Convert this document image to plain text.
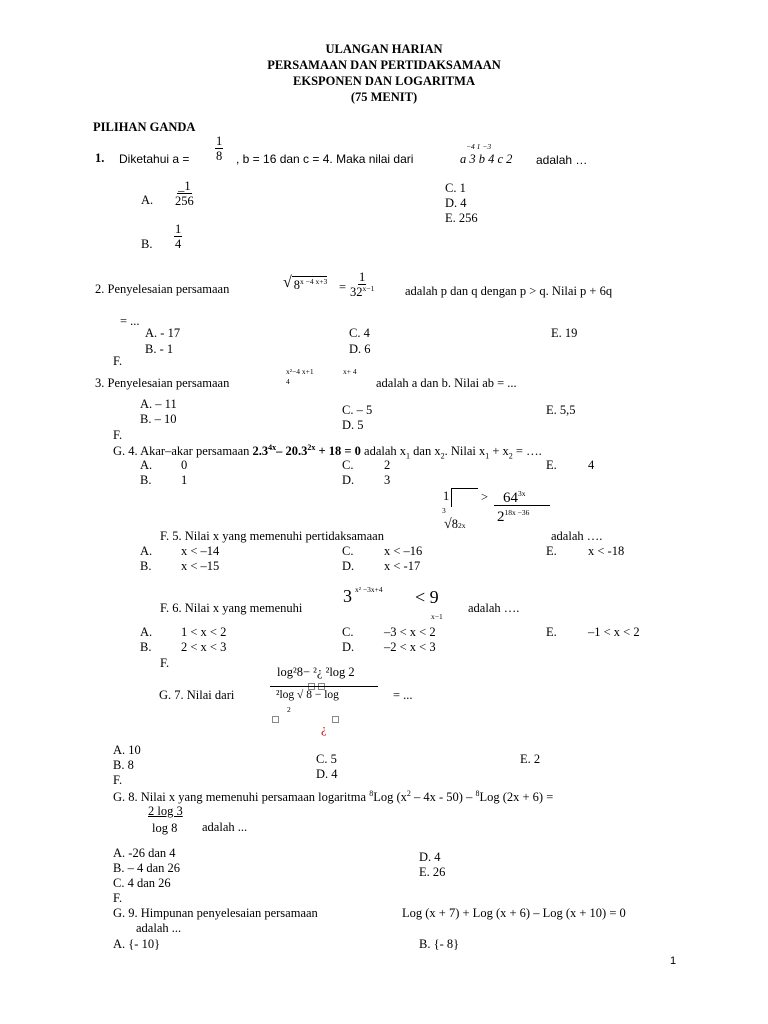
ULANGAN HARIAN
PERSAMAAN DAN PERTIDAKSAMAAN
EKSPONEN DAN LOGARITMA
(75 MENIT)
PILIHAN GANDA
1. Diketahui $a = \frac{1}{8}$ , b = 16 dan c = 4. Maka nilai dari
−4 1 −3
a 3 b 4 c 2 adalah …
A. $\frac{\_1}{256}$
B. $\frac{1}{4}$
C. 1
D. 4
E. 256
2. Penyelesaian persamaan	√ $8^{x -4 x+3} = \frac{1}{32^{x-1}}$ adalah p dan q dengan p > q. Nilai p + 6q
= ...
A. - 17
B. - 1
C. 4
D. 6
E. 19
F.
3. Penyelesaian persamaan
x²−4 x+1	x+ 4
4	adalah a dan b. Nilai ab = ...
A. – 11
B. – 10
C. – 5
D. 5
E. 5,5
F.
G. 4. Akar–akar persamaan $2.3^{4x}-$ $20.3^{2x} + 18 = 0$ adalah $x_1$ dan $x_2$. Nilai $x_1 + x_2$ = ….
A. 0
B. 1
C. 2
D. 3
E. 4
1
3
>
√82x
$64^{3x}$
$2^{18x -36}$
F. 5. Nilai x yang memenuhi pertidaksamaan	adalah ….
A. x < –14
B. x < –15
C. x < –16
D. x < -17
E. x < -18
F. 6. Nilai x yang memenuhi
3 x² −3x+4 < 9
x−1
adalah ….
A. 1 < x < 2
B. 2 < x < 3
C. –3 < x < 2
D. –2 < x < 3
E. –1 < x < 2
F.
log²8− ²¿ ²log 2

²log √ 8 − log
2
¿
G. 7. Nilai dari	= ...
A. 10
B. 8	C. 5
D. 4
E. 2
F.
G. 8. Nilai x yang memenuhi persamaan logaritma $^8$Log $(x^2 - 4x - 50) - ^8Log$ (2x + 6) =
2 log 3
log 8 adalah ...
A. -26 dan 4
B. – 4 dan 26
C. 4 dan 26
D. 4
E. 26
F.
G. 9. Himpunan penyelesaian persamaan	Log (x + 7) + Log (x + 6) – Log (x + 10) = 0
adalah ...
A. {- 10}	B. {- 8}
1
